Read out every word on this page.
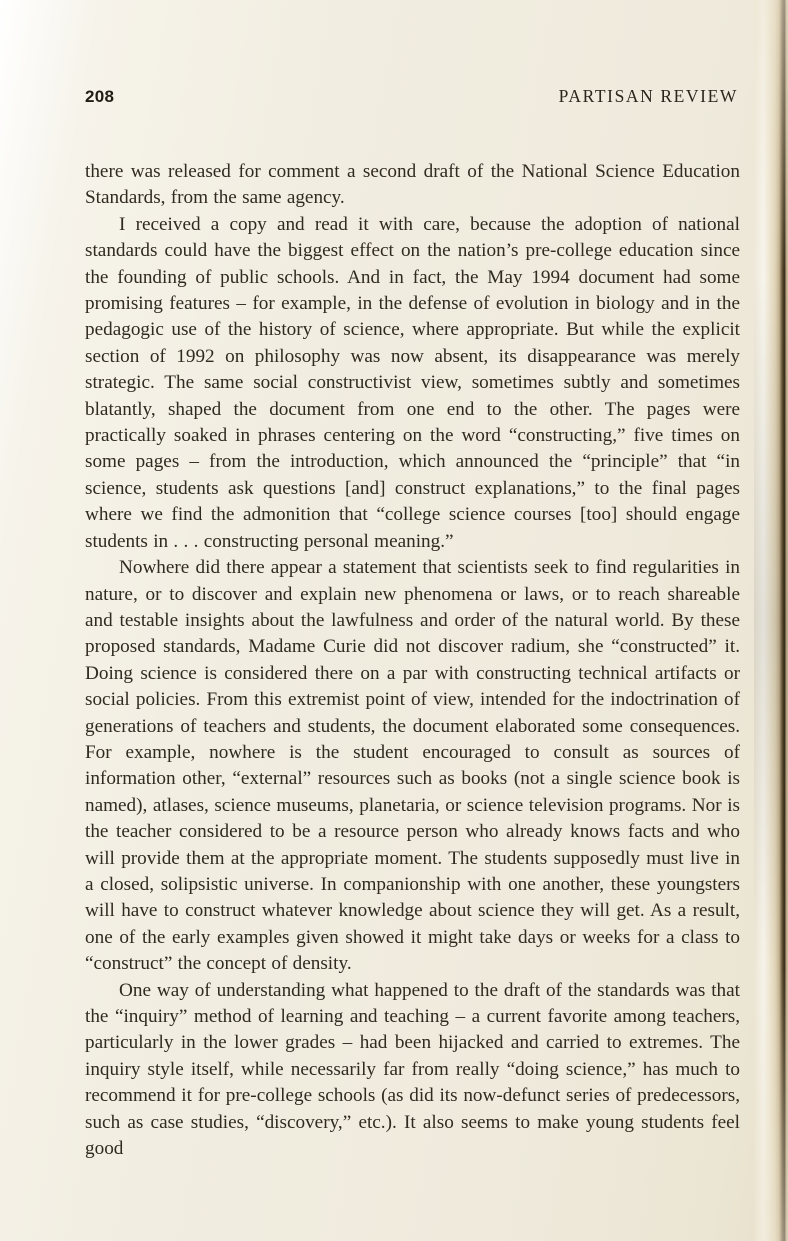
208	PARTISAN REVIEW

there was released for comment a second draft of the National Science Education Standards, from the same agency.

I received a copy and read it with care, because the adoption of national standards could have the biggest effect on the nation’s pre-college education since the founding of public schools. And in fact, the May 1994 document had some promising features – for example, in the defense of evolution in biology and in the pedagogic use of the history of science, where appropriate. But while the explicit section of 1992 on philosophy was now absent, its disappearance was merely strategic. The same social constructivist view, sometimes subtly and sometimes blatantly, shaped the document from one end to the other. The pages were practically soaked in phrases centering on the word “constructing,” five times on some pages – from the introduction, which announced the “principle” that “in science, students ask questions [and] construct explanations,” to the final pages where we find the admonition that “college science courses [too] should engage students in . . . constructing personal meaning.”

Nowhere did there appear a statement that scientists seek to find regularities in nature, or to discover and explain new phenomena or laws, or to reach shareable and testable insights about the lawfulness and order of the natural world. By these proposed standards, Madame Curie did not discover radium, she “constructed” it. Doing science is considered there on a par with constructing technical artifacts or social policies. From this extremist point of view, intended for the indoctrination of generations of teachers and students, the document elaborated some consequences. For example, nowhere is the student encouraged to consult as sources of information other, “external” resources such as books (not a single science book is named), atlases, science museums, planetaria, or science television programs. Nor is the teacher considered to be a resource person who already knows facts and who will provide them at the appropriate moment. The students supposedly must live in a closed, solipsistic universe. In companionship with one another, these youngsters will have to construct whatever knowledge about science they will get. As a result, one of the early examples given showed it might take days or weeks for a class to “construct” the concept of density.

One way of understanding what happened to the draft of the standards was that the “inquiry” method of learning and teaching – a current favorite among teachers, particularly in the lower grades – had been hijacked and carried to extremes. The inquiry style itself, while necessarily far from really “doing science,” has much to recommend it for pre-college schools (as did its now-defunct series of predecessors, such as case studies, “discovery,” etc.). It also seems to make young students feel good
